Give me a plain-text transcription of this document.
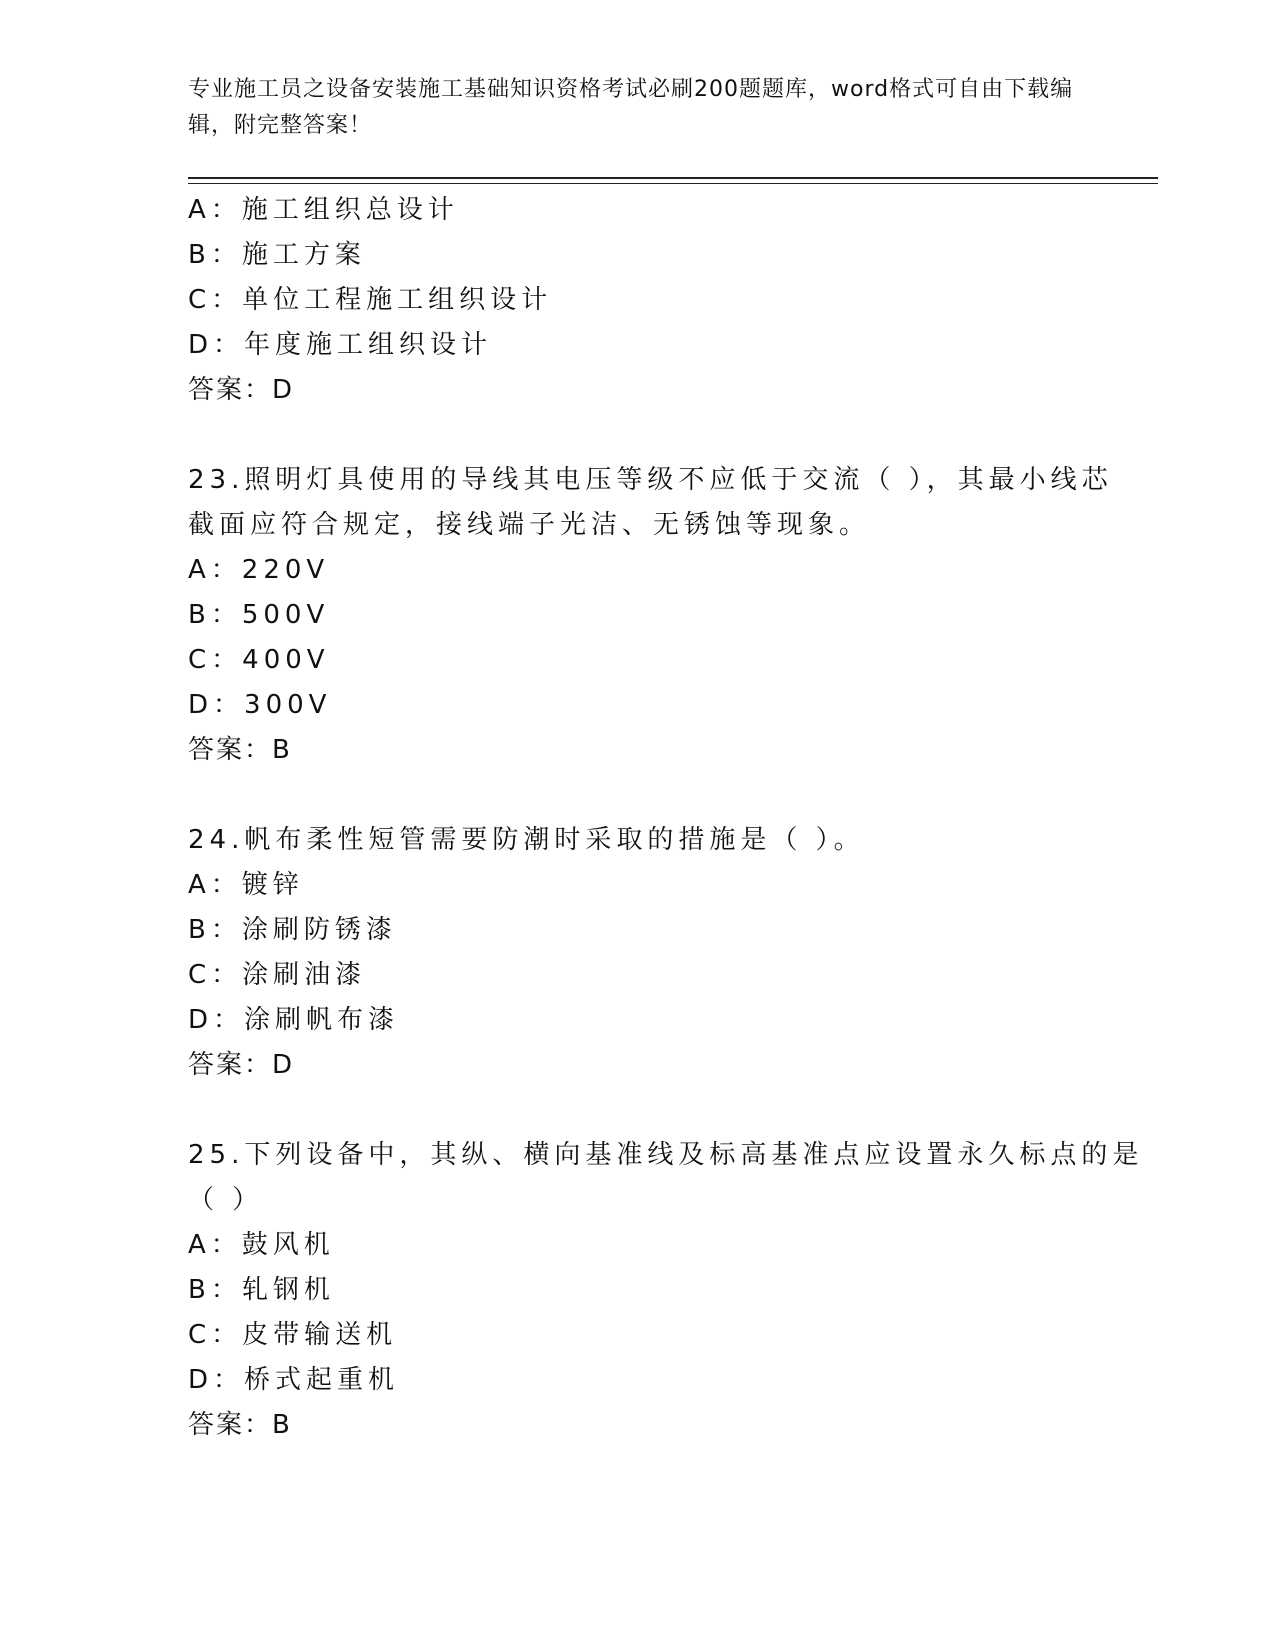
专业施工员之设备安装施工基础知识资格考试必刷200题题库，word格式可自由下载编辑，附完整答案！
A：施工组织总设计
B：施工方案
C：单位工程施工组织设计
D：年度施工组织设计
答案：D
23.照明灯具使用的导线其电压等级不应低于交流（ ），其最小线芯
截面应符合规定，接线端子光洁、无锈蚀等现象。
A：220V
B：500V
C：400V
D：300V
答案：B
24.帆布柔性短管需要防潮时采取的措施是（ ）。
A：镀锌
B：涂刷防锈漆
C：涂刷油漆
D：涂刷帆布漆
答案：D
25.下列设备中，其纵、横向基准线及标高基准点应设置永久标点的是
（ ）
A：鼓风机
B：轧钢机
C：皮带输送机
D：桥式起重机
答案：B
